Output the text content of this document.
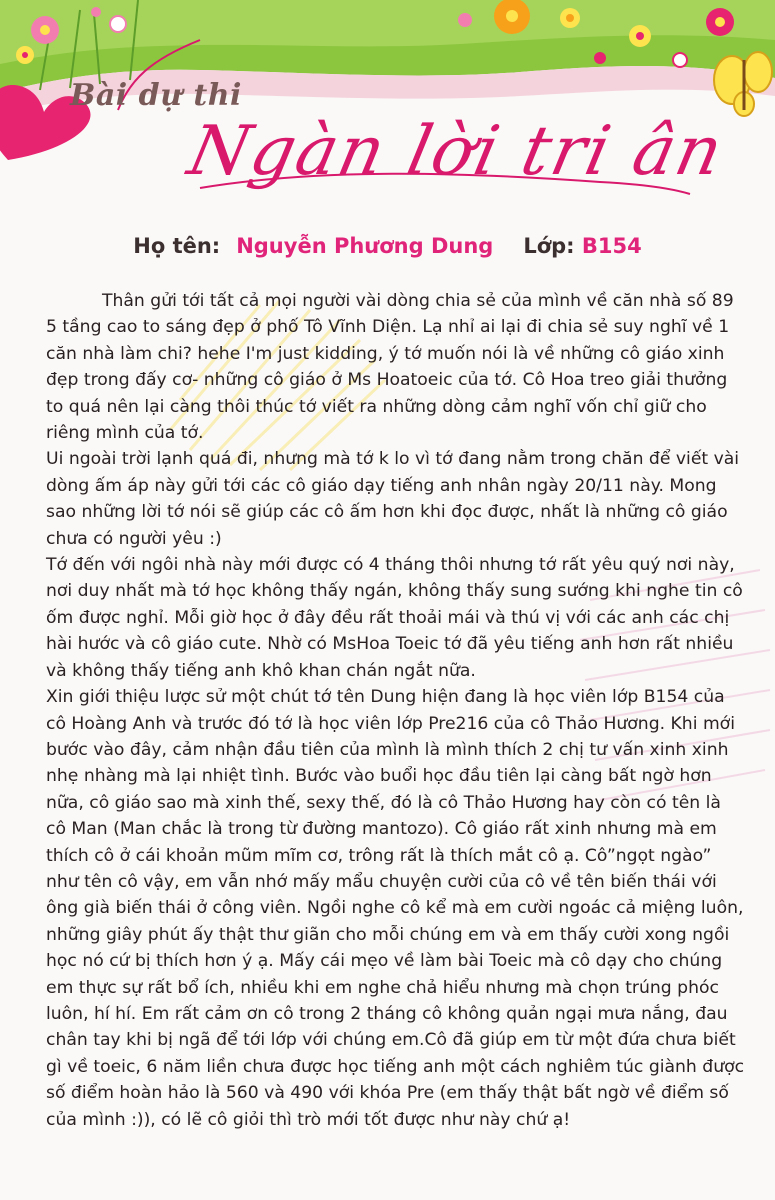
Bài dự thi
Ngàn lời tri ân
Họ tên: Nguyễn Phương Dung Lớp: B154

Thân gửi tới tất cả mọi người vài dòng chia sẻ của mình về căn nhà số 89 5 tầng cao to sáng đẹp ở phố Tô Vĩnh Diện. Lạ nhỉ ai lại đi chia sẻ suy nghĩ về 1 căn nhà làm chi? hehe I'm just kidding, ý tớ muốn nói là về những cô giáo xinh đẹp trong đấy cơ- những cô giáo ở Ms Hoatoeic của tớ. Cô Hoa treo giải thưởng to quá nên lại càng thôi thúc tớ viết ra những dòng cảm nghĩ vốn chỉ giữ cho riêng mình của tớ.

Ui ngoài trời lạnh quá đi, nhưng mà tớ k lo vì tớ đang nằm trong chăn để viết vài dòng ấm áp này gửi tới các cô giáo dạy tiếng anh nhân ngày 20/11 này. Mong sao những lời tớ nói sẽ giúp các cô ấm hơn khi đọc được, nhất là những cô giáo chưa có người yêu :)

Tớ đến với ngôi nhà này mới được có 4 tháng thôi nhưng tớ rất yêu quý nơi này, nơi duy nhất mà tớ học không thấy ngán, không thấy sung sướng khi nghe tin cô ốm được nghỉ. Mỗi giờ học ở đây đều rất thoải mái và thú vị với các anh các chị hài hước và cô giáo cute. Nhờ có MsHoa Toeic tớ đã yêu tiếng anh hơn rất nhiều và không thấy tiếng anh khô khan chán ngắt nữa.

Xin giới thiệu lược sử một chút tớ tên Dung hiện đang là học viên lớp B154 của cô Hoàng Anh và trước đó tớ là học viên lớp Pre216 của cô Thảo Hương. Khi mới bước vào đây, cảm nhận đầu tiên của mình là mình thích 2 chị tư vấn xinh xinh nhẹ nhàng mà lại nhiệt tình. Bước vào buổi học đầu tiên lại càng bất ngờ hơn nữa, cô giáo sao mà xinh thế, sexy thế, đó là cô Thảo Hương hay còn có tên là cô Man (Man chắc là trong từ đường mantozo). Cô giáo rất xinh nhưng mà em thích cô ở cái khoản mũm mĩm cơ, trông rất là thích mắt cô ạ. Cô”ngọt ngào” như tên cô vậy, em vẫn nhớ mấy mẩu chuyện cười của cô về tên biến thái với ông già biến thái ở công viên. Ngồi nghe cô kể mà em cười ngoác cả miệng luôn, những giây phút ấy thật thư giãn cho mỗi chúng em và em thấy cười xong ngồi học nó cứ bị thích hơn ý ạ. Mấy cái mẹo về làm bài Toeic mà cô dạy cho chúng em thực sự rất bổ ích, nhiều khi em nghe chả hiểu nhưng mà chọn trúng phóc luôn, hí hí. Em rất cảm ơn cô trong 2 tháng cô không quản ngại mưa nắng, đau chân tay khi bị ngã để tới lớp với chúng em.Cô đã giúp em từ một đứa chưa biết gì về toeic, 6 năm liền chưa được học tiếng anh một cách nghiêm túc giành được số điểm hoàn hảo là 560 và 490 với khóa Pre (em thấy thật bất ngờ về điểm số của mình :)), có lẽ cô giỏi thì trò mới tốt được như này chứ ạ!
